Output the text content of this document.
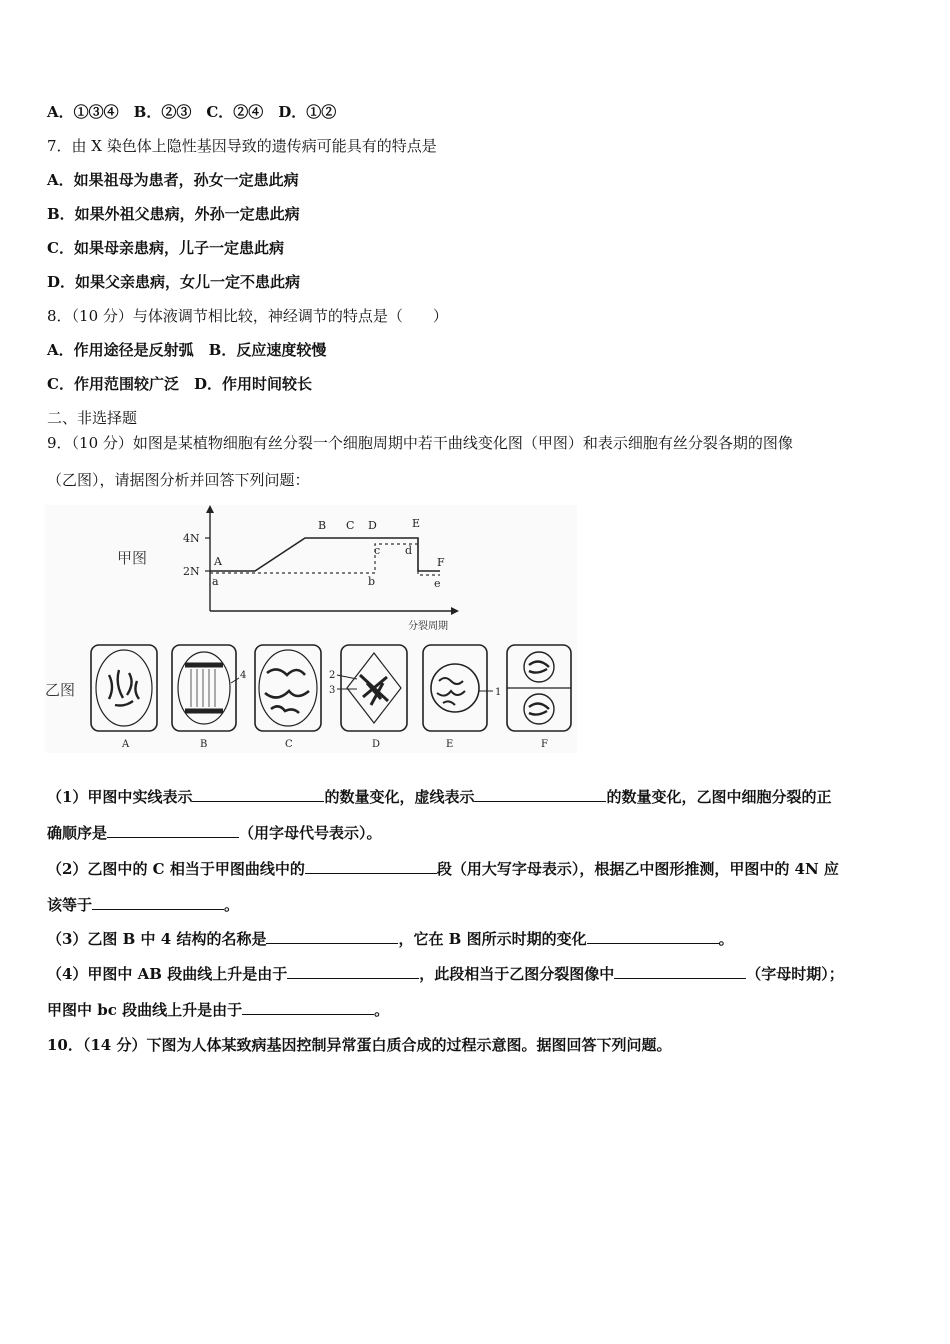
A．①③④　B．②③　C．②④　D．①②
7．由 X 染色体上隐性基因导致的遗传病可能具有的特点是
A．如果祖母为患者，孙女一定患此病
B．如果外祖父患病，外孙一定患此病
C．如果母亲患病，儿子一定患此病
D．如果父亲患病，女儿一定不患此病
8．（10 分）与体液调节相比较，神经调节的特点是（　　）
A．作用途径是反射弧　B．反应速度较慢
C．作用范围较广泛　D．作用时间较长
二、非选择题
9．（10 分）如图是某植物细胞有丝分裂一个细胞周期中若干曲线变化图（甲图）和表示细胞有丝分裂各期的图像
（乙图），请据图分析并回答下列问题：
甲图
4N
2N
A
B C D	E
F
a	b
c d
e
分裂周期
乙图
4	2
3	1
A	B	C	D	E	F
（1）甲图中实线表示	的数量变化，虚线表示	的数量变化，乙图中细胞分裂的正
确顺序是	（用字母代号表示）。
（2）乙图中的 C 相当于甲图曲线中的	段（用大写字母表示），根据乙中图形推测，甲图中的 4N 应
该等于	。
（3）乙图 B 中 4 结构的名称是	，它在 B 图所示时期的变化	。
（4）甲图中 AB 段曲线上升是由于	，此段相当于乙图分裂图像中	（字母时期）；
甲图中 bc 段曲线上升是由于	。
10．（14 分）下图为人体某致病基因控制异常蛋白质合成的过程示意图。据图回答下列问题。
